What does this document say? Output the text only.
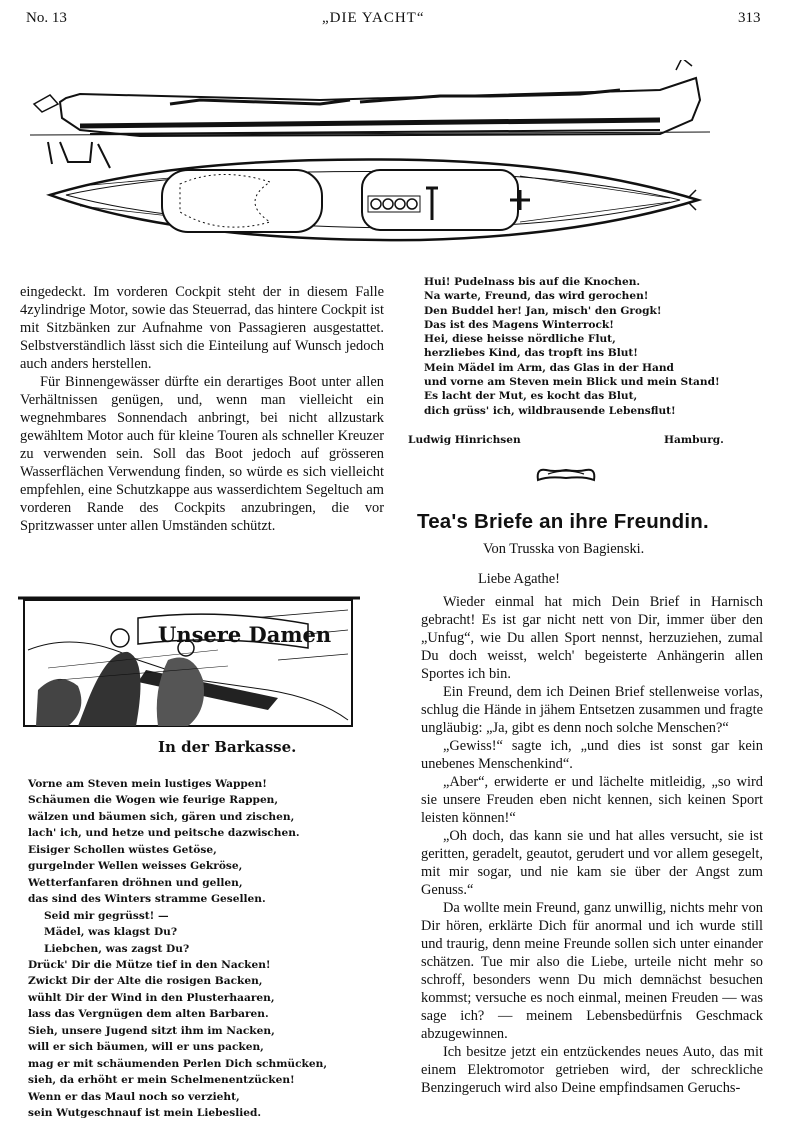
No. 13	„DIE YACHT“	313

eingedeckt. Im vorderen Cockpit steht der in diesem Falle 4zylindrige Motor, sowie das Steuerrad, das hintere Cockpit ist mit Sitzbänken zur Aufnahme von Passagieren ausgestattet. Selbstverständlich lässt sich die Einteilung auf Wunsch jedoch auch anders herstellen.

Für Binnengewässer dürfte ein derartiges Boot unter allen Verhältnissen genügen, und, wenn man vielleicht ein wegnehmbares Sonnendach anbringt, bei nicht allzustark gewähltem Motor auch für kleine Touren als schneller Kreuzer zu verwenden sein. Soll das Boot jedoch auf grösseren Wasserflächen Verwendung finden, so würde es sich vielleicht empfehlen, eine Schutzkappe aus wasserdichtem Segeltuch am vorderen Rande des Cockpits anzubringen, die vor Spritzwasser unter allen Umständen schützt.

Unsere Damen
In der Barkasse.
Vorne am Steven mein lustiges Wappen!
Schäumen die Wogen wie feurige Rappen,
wälzen und bäumen sich, gären und zischen,
lach' ich, und hetze und peitsche dazwischen.
Eisiger Schollen wüstes Getöse,
gurgelnder Wellen weisses Gekröse,
Wetterfanfaren dröhnen und gellen,
das sind des Winters stramme Gesellen.
Seid mir gegrüsst! —
Mädel, was klagst Du?
Liebchen, was zagst Du?
Drück' Dir die Mütze tief in den Nacken!
Zwickt Dir der Alte die rosigen Backen,
wühlt Dir der Wind in den Plusterhaaren,
lass das Vergnügen dem alten Barbaren.
Sieh, unsere Jugend sitzt ihm im Nacken,
will er sich bäumen, will er uns packen,
mag er mit schäumenden Perlen Dich schmücken,
sieh, da erhöht er mein Schelmenentzücken!
Wenn er das Maul noch so verzieht,
sein Wutgeschnauf ist mein Liebeslied.
Hui! Pudelnass bis auf die Knochen.
Na warte, Freund, das wird gerochen!
Den Buddel her! Jan, misch' den Grogk!
Das ist des Magens Winterrock!
Hei, diese heisse nördliche Flut,
herzliebes Kind, das tropft ins Blut!
Mein Mädel im Arm, das Glas in der Hand
und vorne am Steven mein Blick und mein Stand!
Es lacht der Mut, es kocht das Blut,
dich grüss' ich, wildbrausende Lebensflut!
Ludwig Hinrichsen	Hamburg.
Tea's Briefe an ihre Freundin.
Von Trusska von Bagienski.
Liebe Agathe!

Wieder einmal hat mich Dein Brief in Harnisch gebracht! Es ist gar nicht nett von Dir, immer über den „Unfug“, wie Du allen Sport nennst, herzuziehen, zumal Du doch weisst, welch' begeisterte Anhängerin allen Sportes ich bin.

Ein Freund, dem ich Deinen Brief stellenweise vorlas, schlug die Hände in jähem Entsetzen zusammen und fragte ungläubig: „Ja, gibt es denn noch solche Menschen?“

„Gewiss!“ sagte ich, „und dies ist sonst gar kein unebenes Menschenkind“.

„Aber“, erwiderte er und lächelte mitleidig, „so wird sie unsere Freuden eben nicht kennen, sich keinen Sport leisten können!“

„Oh doch, das kann sie und hat alles versucht, sie ist geritten, geradelt, geautot, gerudert und vor allem gesegelt, mit mir sogar, und nie kam sie über der Angst zum Genuss.“

Da wollte mein Freund, ganz unwillig, nichts mehr von Dir hören, erklärte Dich für anormal und ich wurde still und traurig, denn meine Freunde sollen sich unter einander schätzen. Tue mir also die Liebe, urteile nicht mehr so schroff, besonders wenn Du mich demnächst besuchen kommst; versuche es noch einmal, meinen Freuden — was sage ich? — meinem Lebensbedürfnis Geschmack abzugewinnen.

Ich besitze jetzt ein entzückendes neues Auto, das mit einem Elektromotor getrieben wird, der schreckliche Benzingeruch wird also Deine empfindsamen Geruchs-
